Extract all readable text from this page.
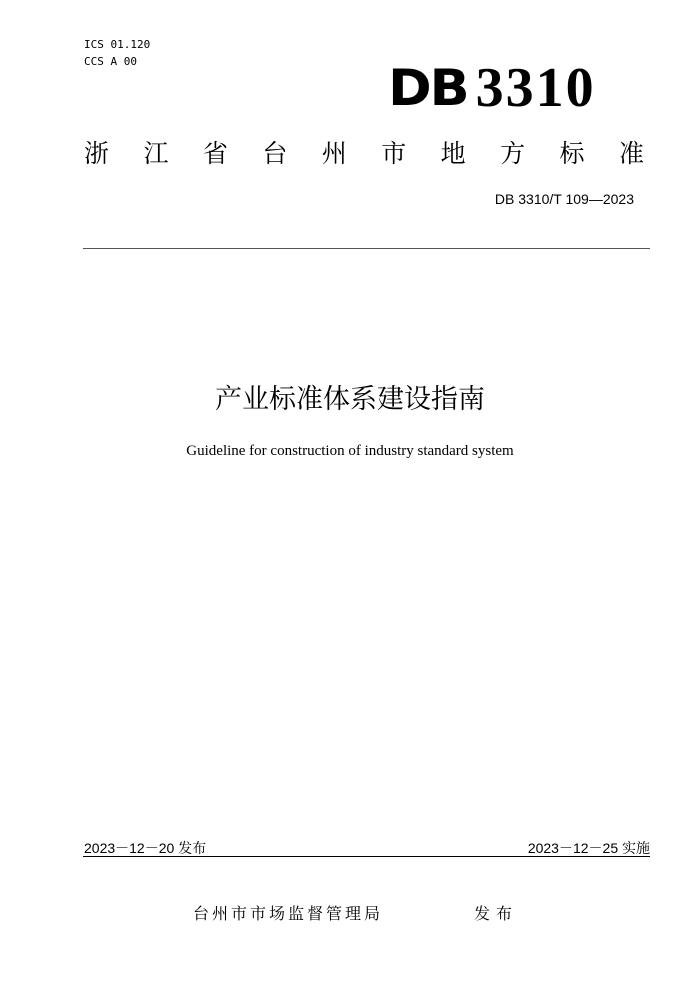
ICS 01.120
CCS A 00	DB 3310
浙 江 省 台 州 市 地 方 标 准
DB 3310/T 109—2023
产业标准体系建设指南
Guideline for construction of industry standard system
2023－12－20 发布	2023－12－25 实施
台州市市场监督管理局	发布
